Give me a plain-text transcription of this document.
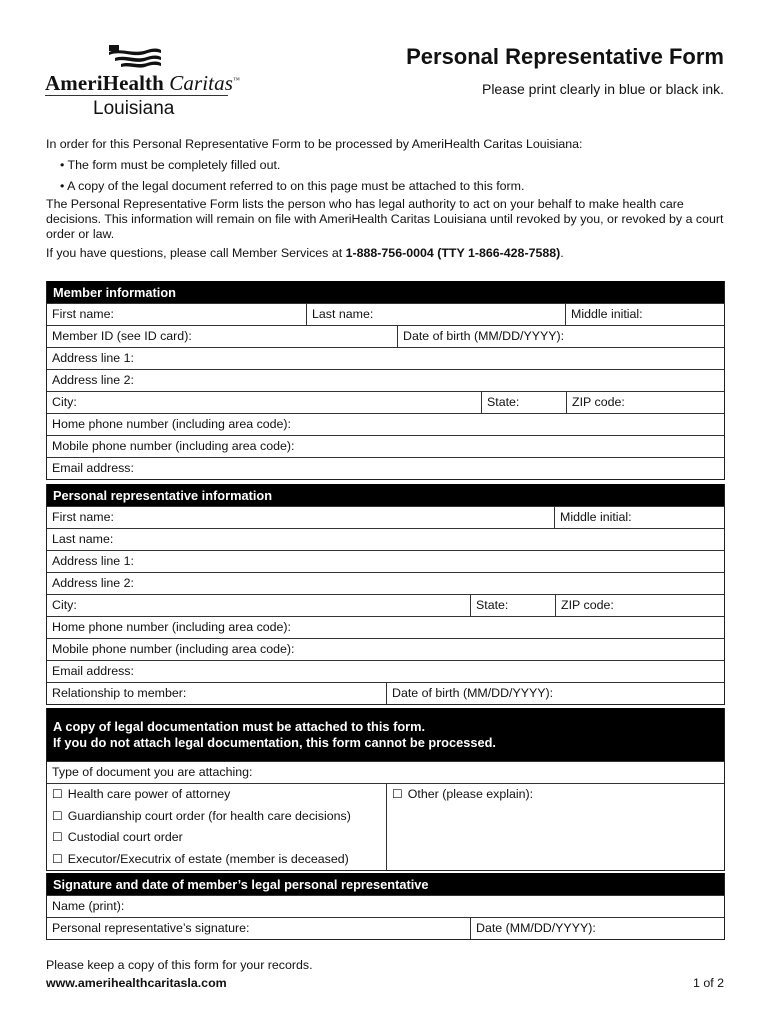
AmeriHealth Caritas™
Louisiana
Personal Representative Form
Please print clearly in blue or black ink.
In order for this Personal Representative Form to be processed by AmeriHealth Caritas Louisiana:
• The form must be completely filled out.
• A copy of the legal document referred to on this page must be attached to this form.
The Personal Representative Form lists the person who has legal authority to act on your behalf to make health care decisions. This information will remain on file with AmeriHealth Caritas Louisiana until revoked by you, or revoked by a court order or law.
If you have questions, please call Member Services at 1-888-756-0004 (TTY 1-866-428-7588).
Member information
First name:	Last name:	Middle initial:
Member ID (see ID card):	Date of birth (MM/DD/YYYY):
Address line 1:
Address line 2:
City:	State:	ZIP code:
Home phone number (including area code):
Mobile phone number (including area code):
Email address:
Personal representative information
First name:	Middle initial:
Last name:
Address line 1:
Address line 2:
City:	State:	ZIP code:
Home phone number (including area code):
Mobile phone number (including area code):
Email address:
Relationship to member:	Date of birth (MM/DD/YYYY):
A copy of legal documentation must be attached to this form.
If you do not attach legal documentation, this form cannot be processed.
Type of document you are attaching:
☐ Health care power of attorney
☐ Guardianship court order (for health care decisions)
☐ Custodial court order
☐ Executor/Executrix of estate (member is deceased)
☐ Other (please explain):
Signature and date of member’s legal personal representative
Name (print):
Personal representative’s signature:	Date (MM/DD/YYYY):
Please keep a copy of this form for your records.
www.amerihealthcaritasla.com	1 of 2
